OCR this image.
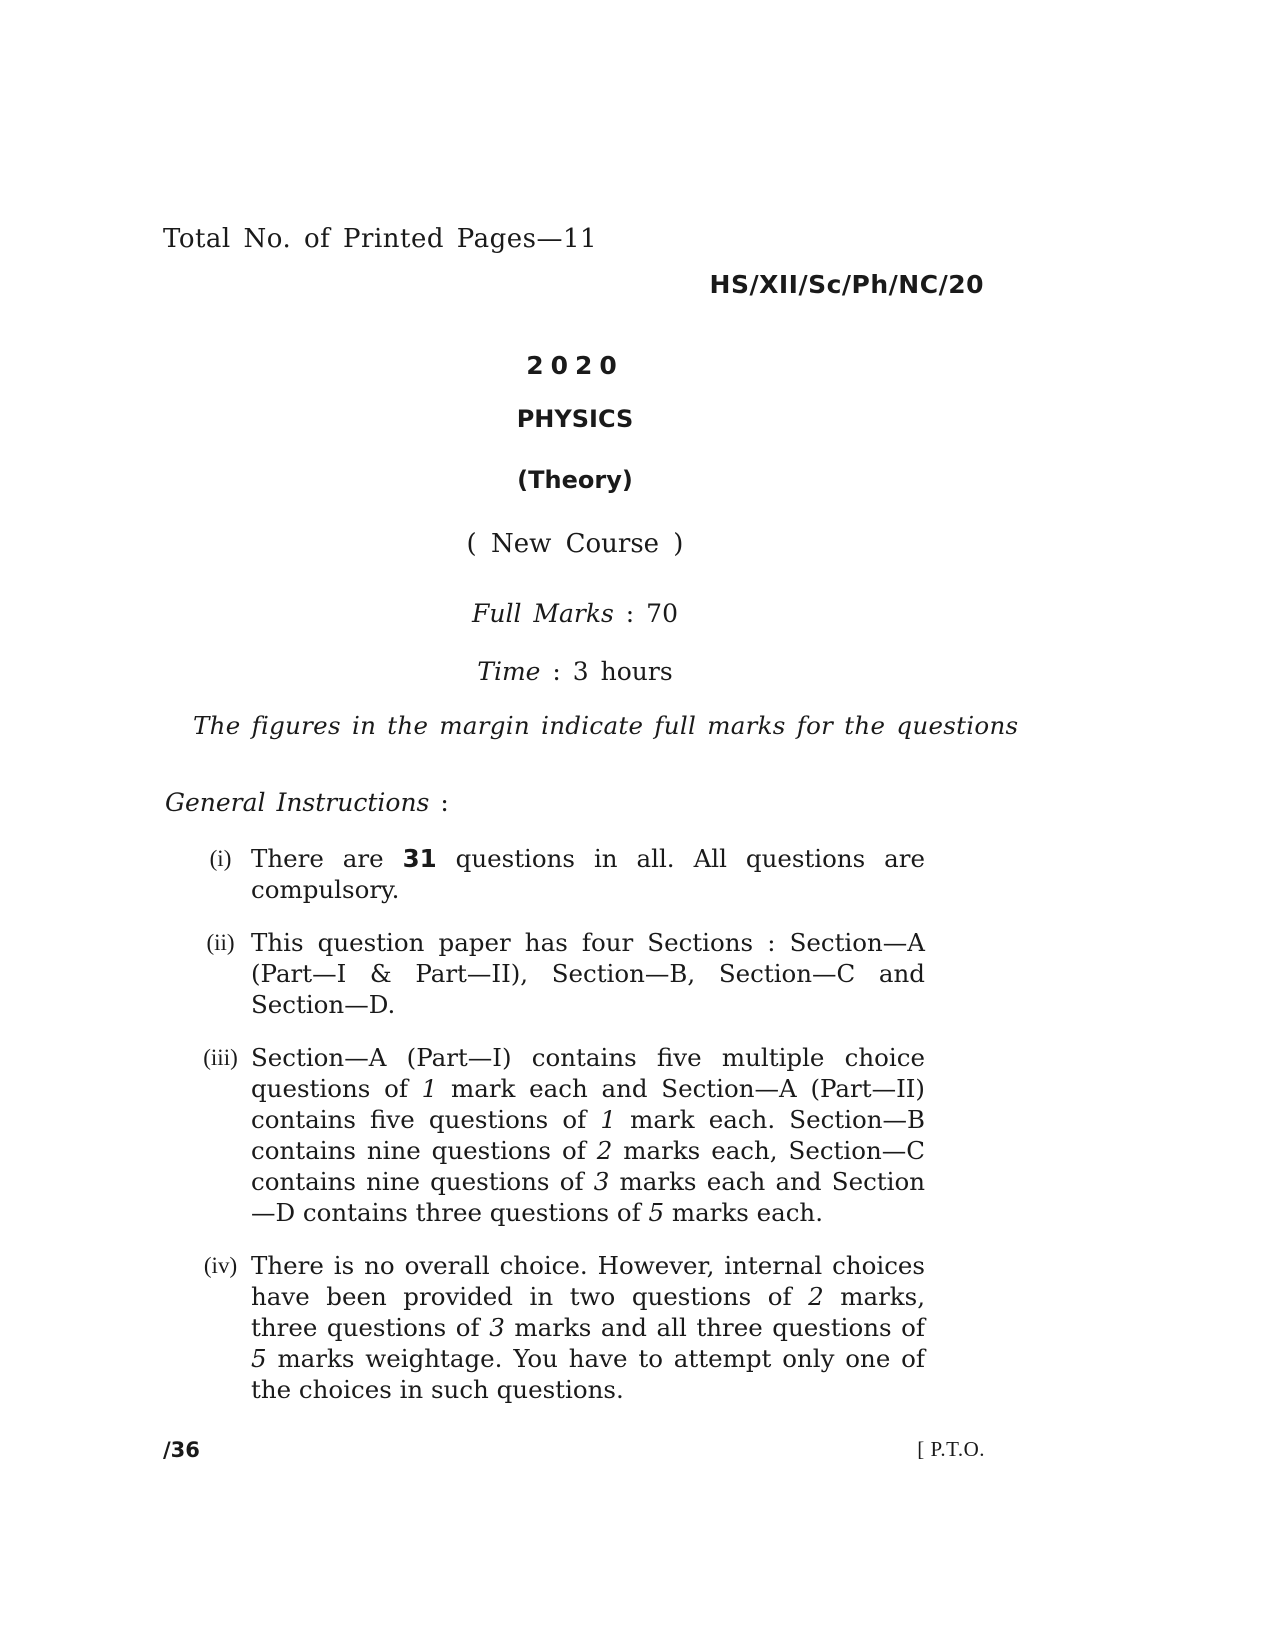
Total No. of Printed Pages—11
HS/XII/Sc/Ph/NC/20
2020
PHYSICS
(Theory)
( New Course )
Full Marks : 70
Time : 3 hours
The figures in the margin indicate full marks for the questions
General Instructions :
(i) There are 31 questions in all. All questions are compulsory.
(ii) This question paper has four Sections : Section—A (Part—I & Part—II), Section—B, Section—C and Section—D.
(iii) Section—A (Part—I) contains five multiple choice questions of 1 mark each and Section—A (Part—II) contains five questions of 1 mark each. Section—B contains nine questions of 2 marks each, Section—C contains nine questions of 3 marks each and Section—D contains three questions of 5 marks each.
(iv) There is no overall choice. However, internal choices have been provided in two questions of 2 marks, three questions of 3 marks and all three questions of 5 marks weightage. You have to attempt only one of the choices in such questions.
/36	[ P.T.O.
